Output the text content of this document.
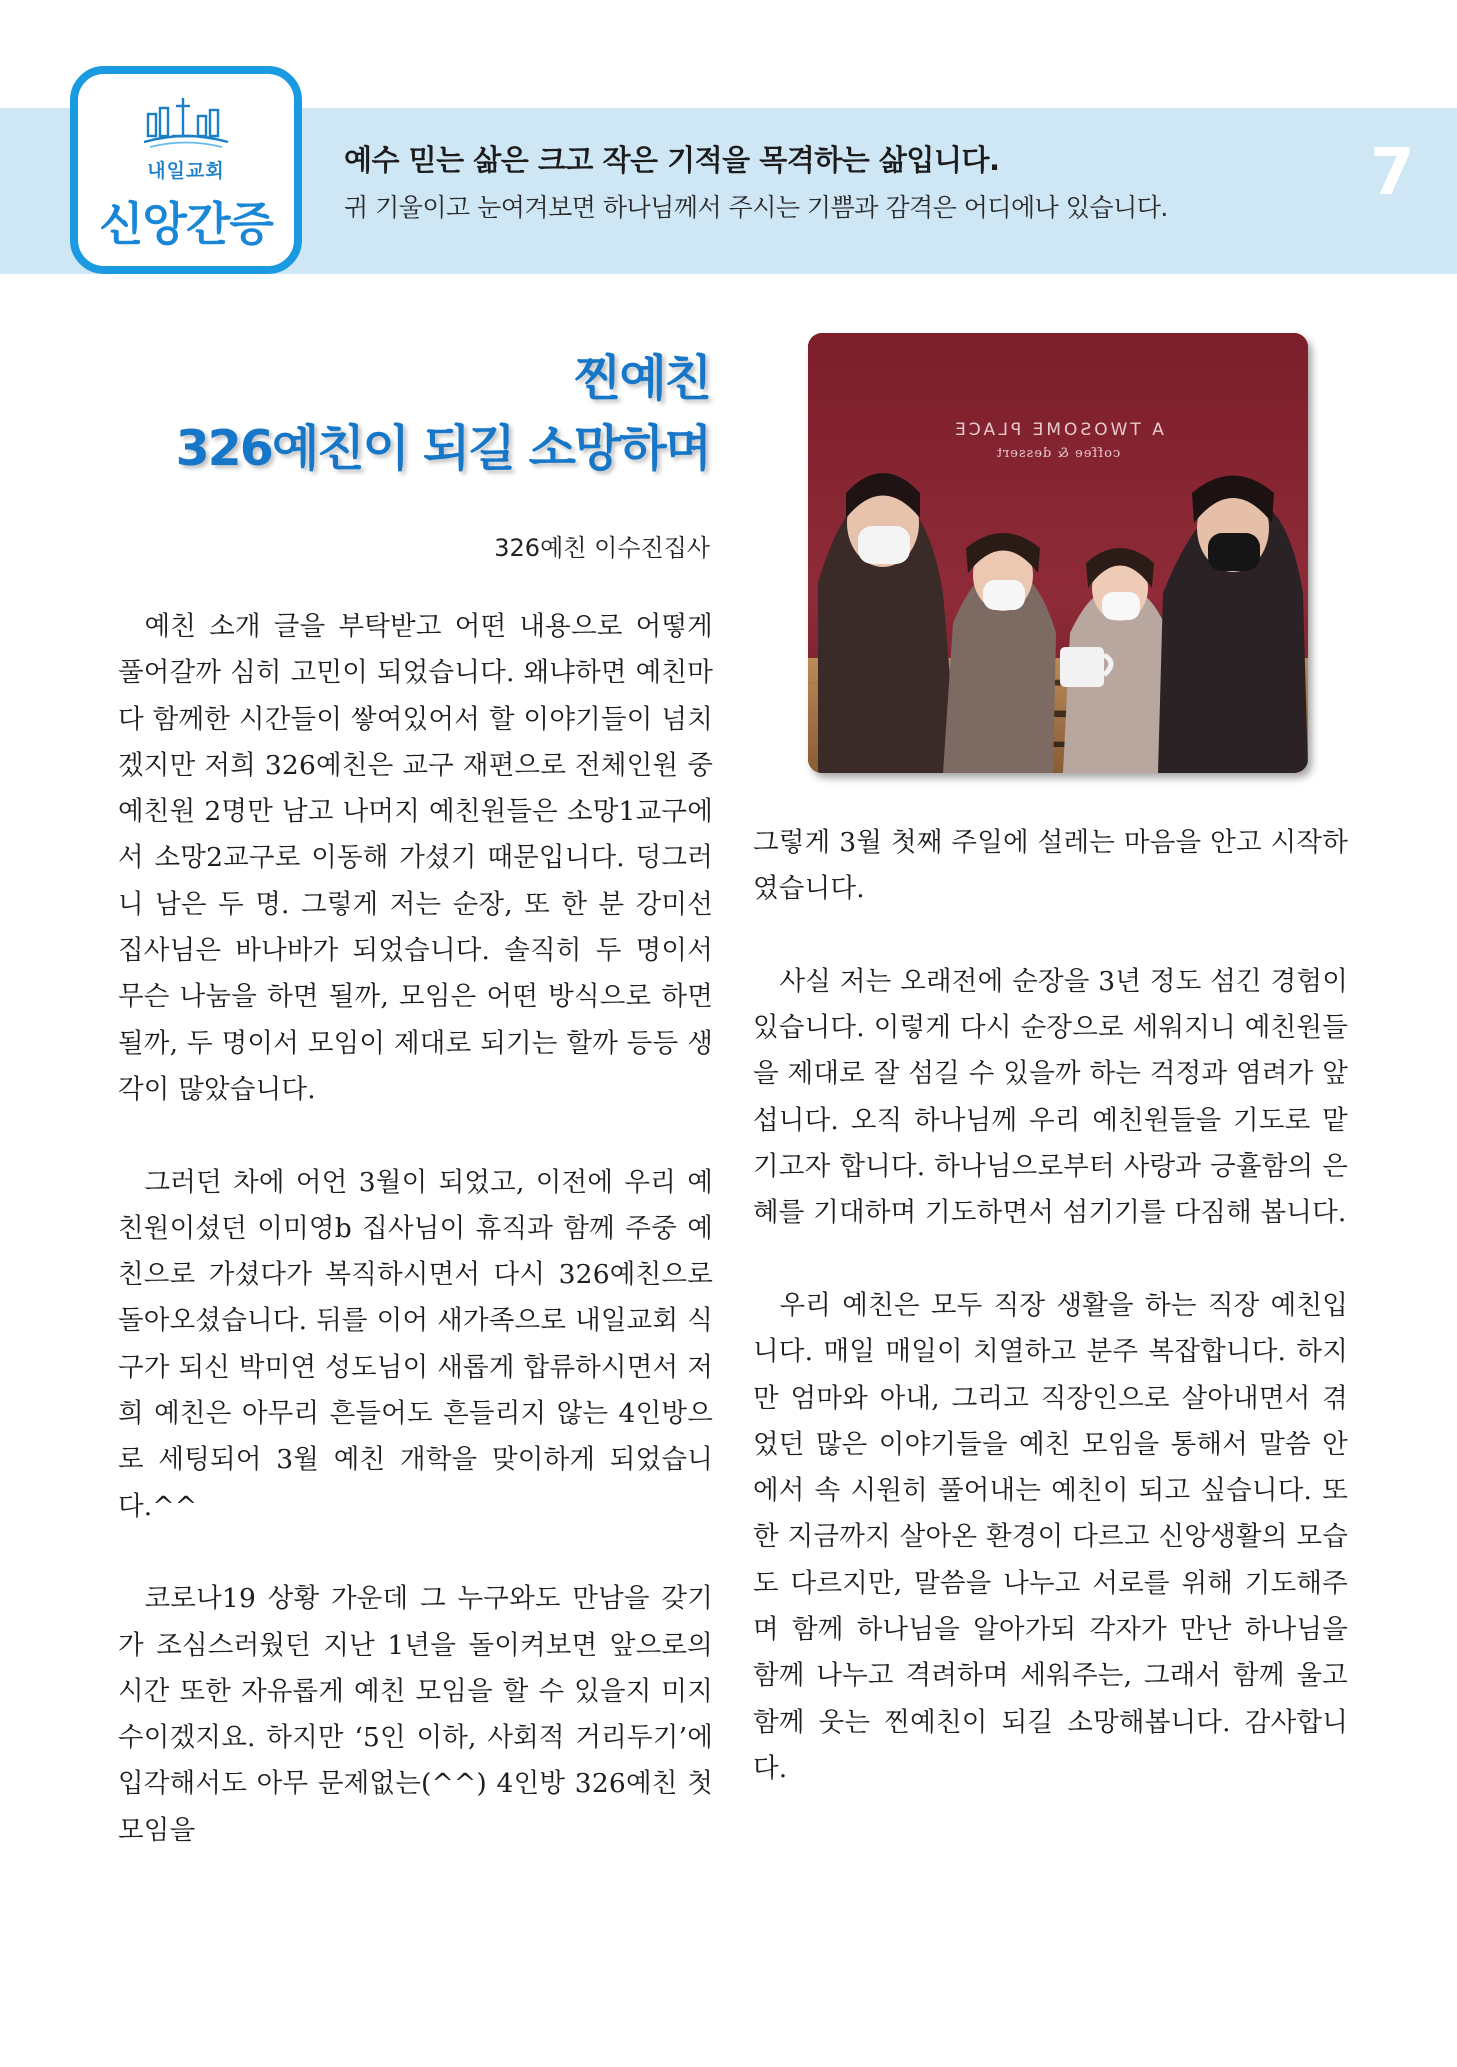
내일교회
신앙간증
예수 믿는 삶은 크고 작은 기적을 목격하는 삶입니다.
귀 기울이고 눈여겨보면 하나님께서 주시는 기쁨과 감격은 어디에나 있습니다.	7
찐예친
326예친이 되길 소망하며
326예친 이수진집사

예친 소개 글을 부탁받고 어떤 내용으로 어떻게 풀어갈까 심히 고민이 되었습니다. 왜냐하면 예친마다 함께한 시간들이 쌓여있어서 할 이야기들이 넘치겠지만 저희 326예친은 교구 재편으로 전체인원 중 예친원 2명만 남고 나머지 예친원들은 소망1교구에서 소망2교구로 이동해 가셨기 때문입니다. 덩그러니 남은 두 명. 그렇게 저는 순장, 또 한 분 강미선 집사님은 바나바가 되었습니다. 솔직히 두 명이서 무슨 나눔을 하면 될까, 모임은 어떤 방식으로 하면 될까, 두 명이서 모임이 제대로 되기는 할까 등등 생각이 많았습니다.

그러던 차에 어언 3월이 되었고, 이전에 우리 예친원이셨던 이미영b 집사님이 휴직과 함께 주중 예친으로 가셨다가 복직하시면서 다시 326예친으로 돌아오셨습니다. 뒤를 이어 새가족으로 내일교회 식구가 되신 박미연 성도님이 새롭게 합류하시면서 저희 예친은 아무리 흔들어도 흔들리지 않는 4인방으로 세팅되어 3월 예친 개학을 맞이하게 되었습니다.^^

코로나19 상황 가운데 그 누구와도 만남을 갖기가 조심스러웠던 지난 1년을 돌이켜보면 앞으로의 시간 또한 자유롭게 예친 모임을 할 수 있을지 미지수이겠지요. 하지만 ‘5인 이하, 사회적 거리두기’에 입각해서도 아무 문제없는(^^) 4인방 326예친 첫 모임을

A TWOSOME PLACE
coffee & dessert

그렇게 3월 첫째 주일에 설레는 마음을 안고 시작하였습니다.

사실 저는 오래전에 순장을 3년 정도 섬긴 경험이 있습니다. 이렇게 다시 순장으로 세워지니 예친원들을 제대로 잘 섬길 수 있을까 하는 걱정과 염려가 앞섭니다. 오직 하나님께 우리 예친원들을 기도로 맡기고자 합니다. 하나님으로부터 사랑과 긍휼함의 은혜를 기대하며 기도하면서 섬기기를 다짐해 봅니다.

우리 예친은 모두 직장 생활을 하는 직장 예친입니다. 매일 매일이 치열하고 분주 복잡합니다. 하지만 엄마와 아내, 그리고 직장인으로 살아내면서 겪었던 많은 이야기들을 예친 모임을 통해서 말씀 안에서 속 시원히 풀어내는 예친이 되고 싶습니다. 또한 지금까지 살아온 환경이 다르고 신앙생활의 모습도 다르지만, 말씀을 나누고 서로를 위해 기도해주며 함께 하나님을 알아가되 각자가 만난 하나님을 함께 나누고 격려하며 세워주는, 그래서 함께 울고 함께 웃는 찐예친이 되길 소망해봅니다. 감사합니다.
